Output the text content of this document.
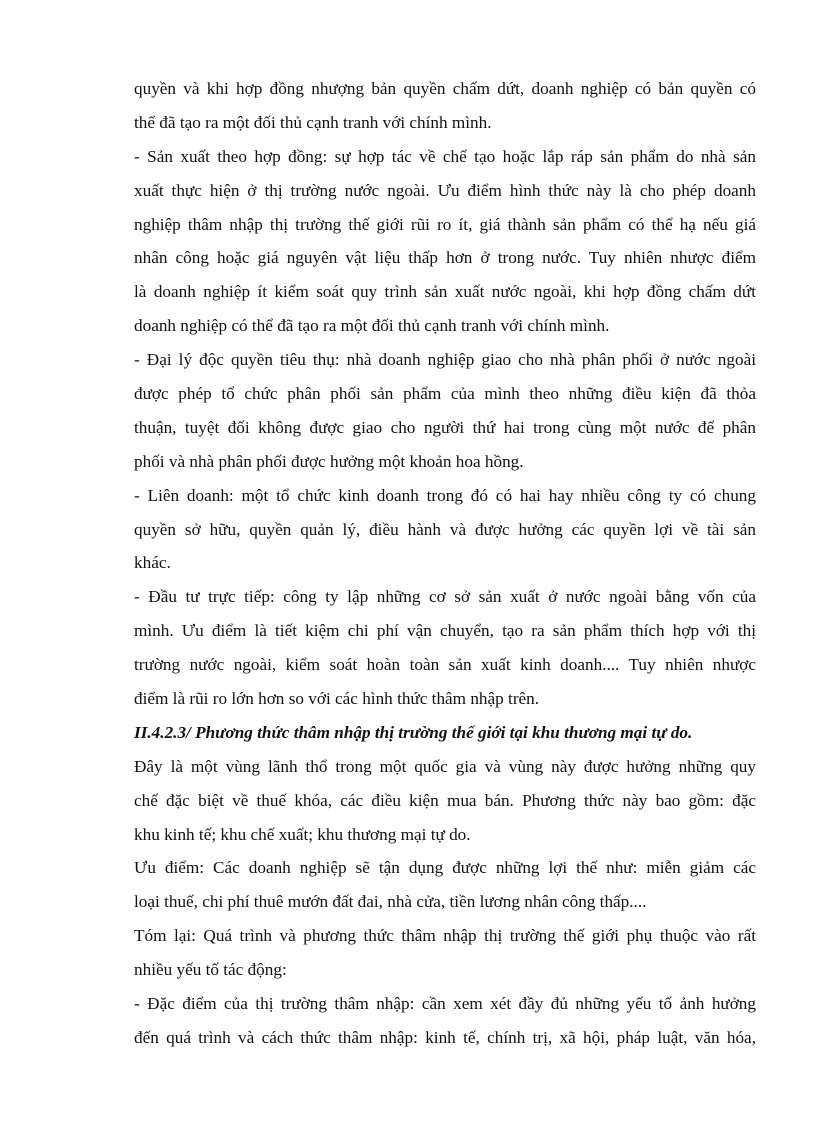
quyền và khi hợp đồng nhượng bản quyền chấm dứt, doanh nghiệp có bản quyền có
thể đã tạo ra một đối thủ cạnh tranh với chính mình.
- Sản xuất theo hợp đồng: sự hợp tác về chế tạo hoặc lắp ráp sản phẩm do nhà sản
xuất thực hiện ở thị trường nước ngoài. Ưu điểm hình thức này là cho phép doanh
nghiệp thâm nhập thị trường thế giới rũi ro ít, giá thành sản phẩm có thể hạ nếu giá
nhân công hoặc giá nguyên vật liệu thấp hơn ở trong nước. Tuy nhiên nhược điểm
là doanh nghiệp ít kiểm soát quy trình sản xuất nước ngoài, khi hợp đồng chấm dứt
doanh nghiệp có thể đã tạo ra một đối thủ cạnh tranh với chính mình.
- Đại lý độc quyền tiêu thụ: nhà doanh nghiệp giao cho nhà phân phối ở nước ngoài
được phép tổ chức phân phối sản phẩm của mình theo những điều kiện đã thỏa
thuận, tuyệt đối không được giao cho người thứ hai trong cùng một nước để phân
phối và nhà phân phối được hưởng một khoản hoa hồng.
- Liên doanh: một tổ chức kinh doanh trong đó có hai hay nhiều công ty có chung
quyền sở hữu, quyền quản lý, điều hành và được hưởng các quyền lợi về tài sản
khác.
- Đầu tư trực tiếp: công ty lập những cơ sở sản xuất ở nước ngoài bằng vốn của
mình. Ưu điểm là tiết kiệm chi phí vận chuyển, tạo ra sản phẩm thích hợp với thị
trường nước ngoài, kiểm soát hoàn toàn sản xuất kinh doanh.... Tuy nhiên nhược
điểm là rũi ro lớn hơn so với các hình thức thâm nhập trên.
II.4.2.3/ Phương thức thâm nhập thị trường thế giới tại khu thương mại tự do.
Đây là một vùng lãnh thổ trong một quốc gia và vùng này được hưởng những quy
chế đặc biệt về thuế khóa, các điều kiện mua bán. Phương thức này bao gồm: đặc
khu kinh tế; khu chế xuất; khu thương mại tự do.
Ưu điểm: Các doanh nghiệp sẽ tận dụng được những lợi thế như: miễn giảm các
loại thuế, chi phí thuê mướn đất đai, nhà cửa, tiền lương nhân công thấp....
Tóm lại: Quá trình và phương thức thâm nhập thị trường thế giới phụ thuộc vào rất
nhiều yếu tố tác động:
- Đặc điểm của thị trường thâm nhập: cần xem xét đầy đủ những yếu tố ảnh hưởng
đến quá trình và cách thức thâm nhập: kinh tế, chính trị, xã hội, pháp luật, văn hóa,
